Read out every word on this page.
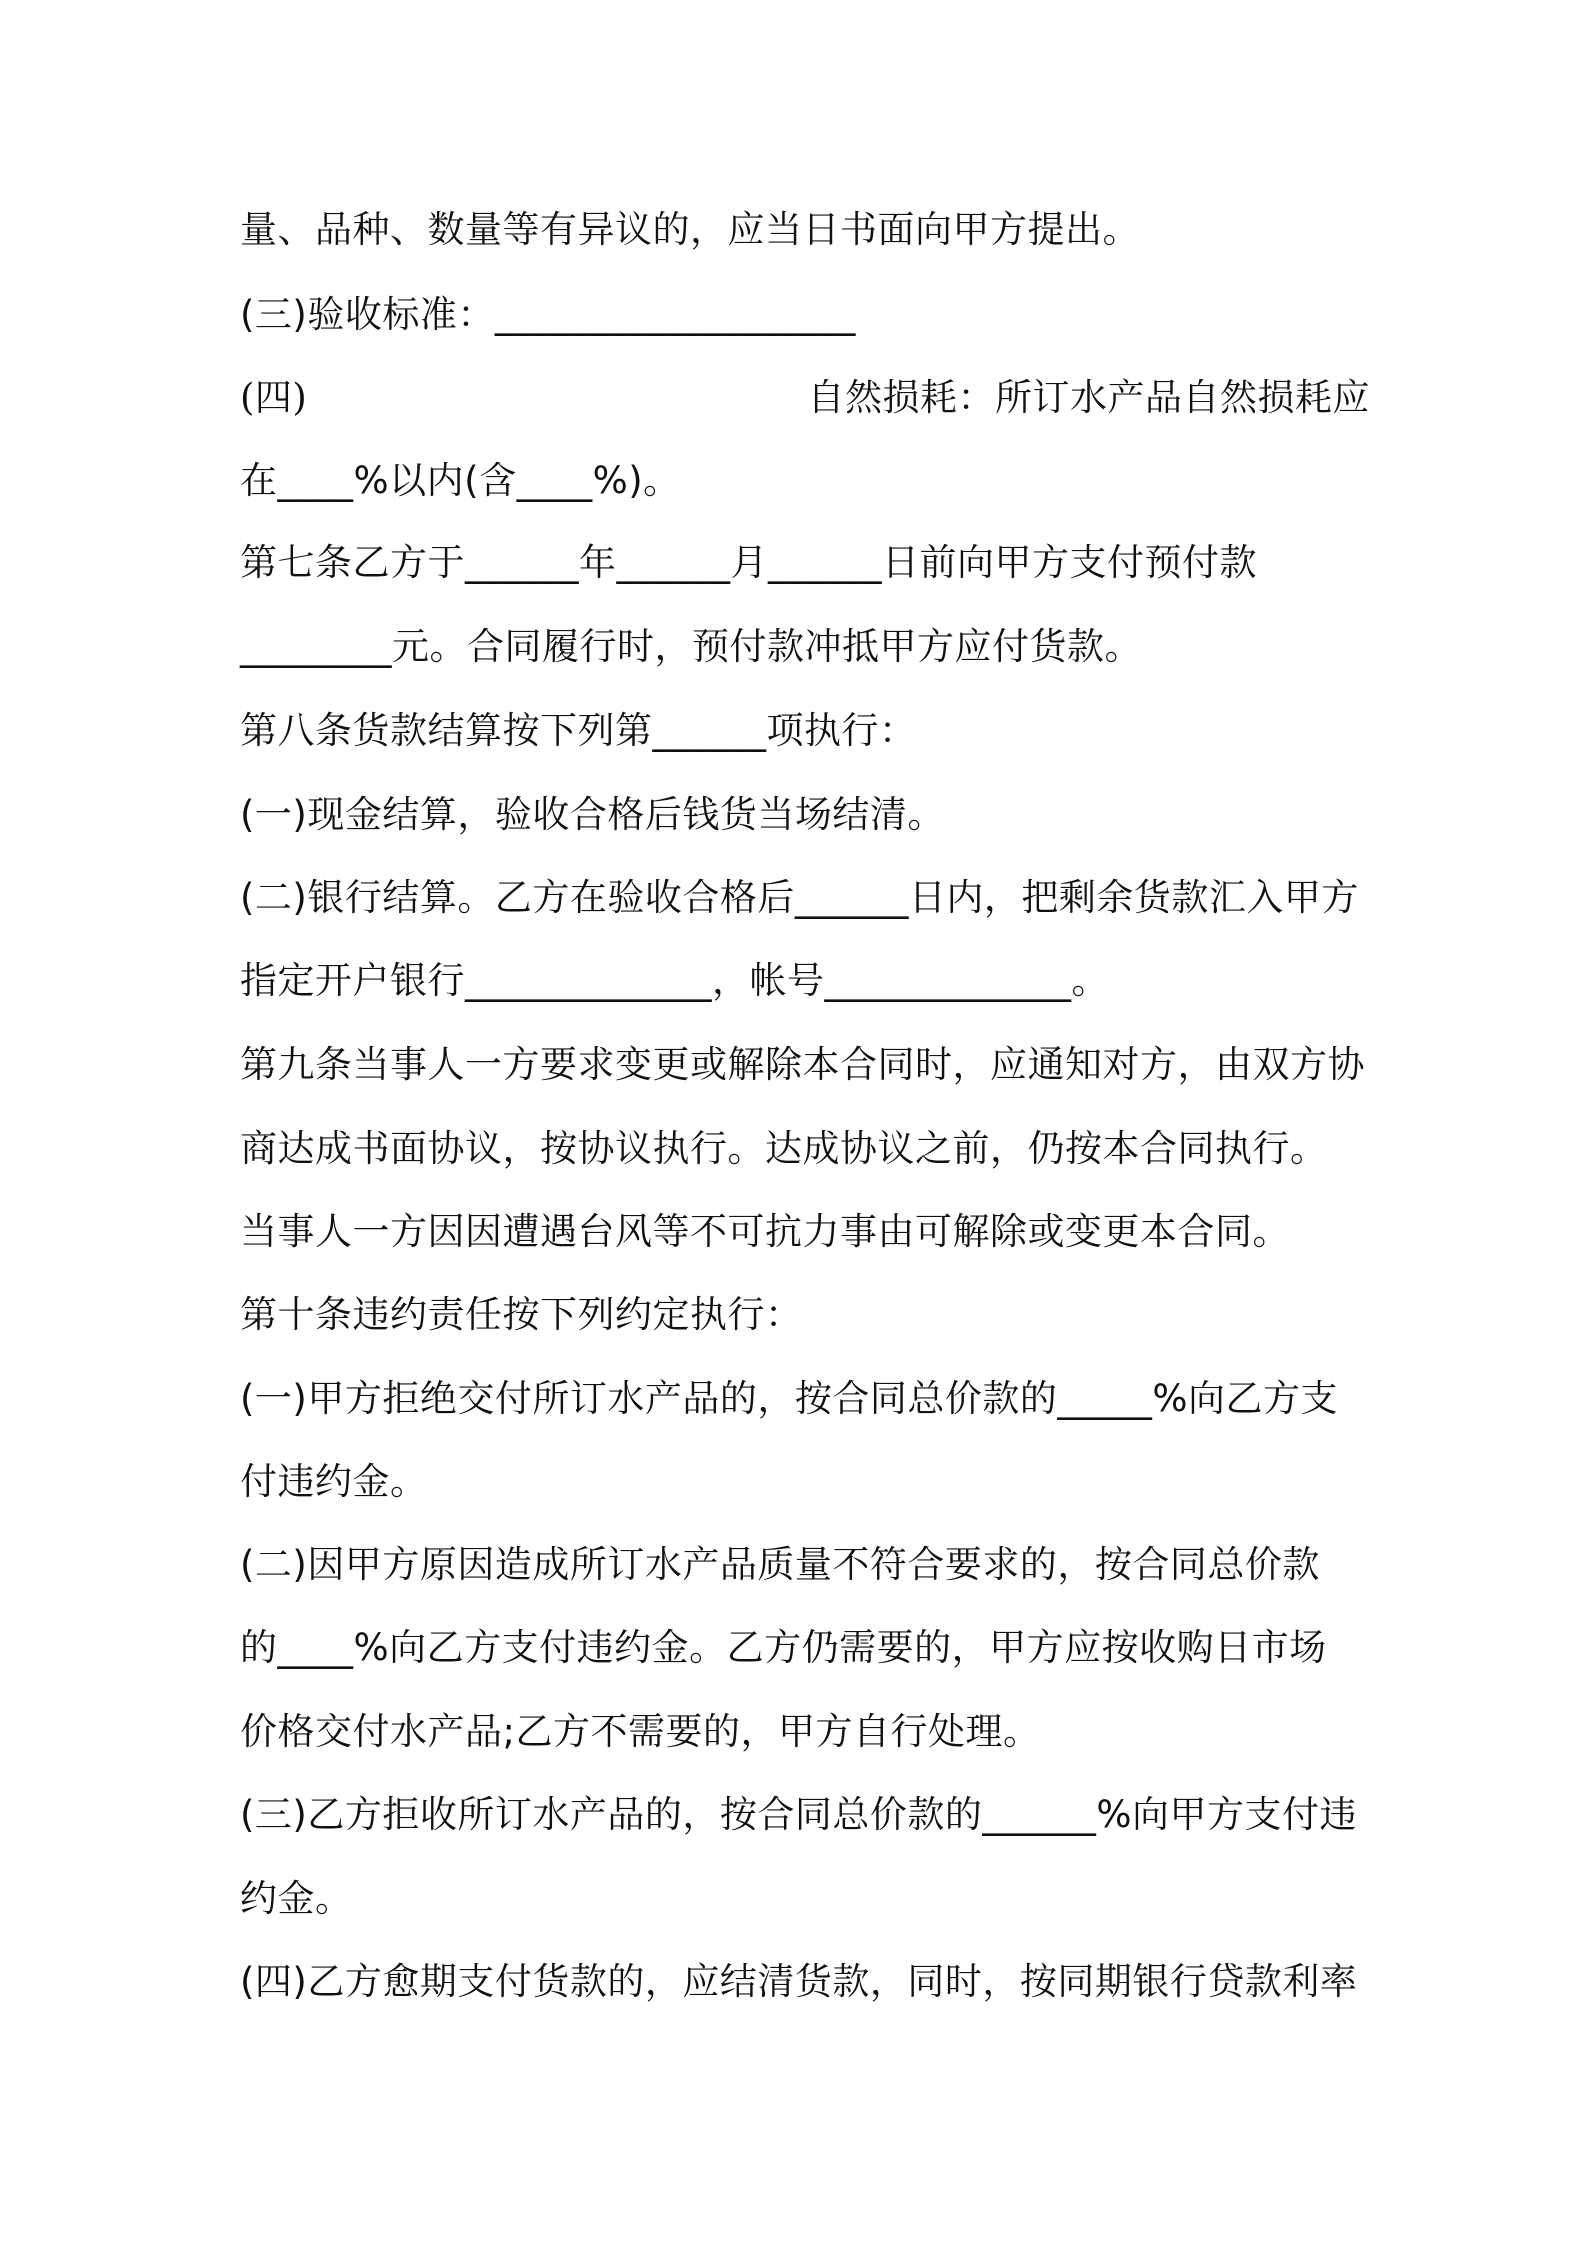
量、品种、数量等有异议的，应当日书面向甲方提出。
(三)验收标准：___________________
(四)	自然损耗：所订水产品自然损耗应
在____%以内(含____%)。
第七条乙方于______年______月______日前向甲方支付预付款
________元。合同履行时，预付款冲抵甲方应付货款。
第八条货款结算按下列第______项执行：
(一)现金结算，验收合格后钱货当场结清。
(二)银行结算。乙方在验收合格后______日内，把剩余货款汇入甲方
指定开户银行_____________，帐号_____________。
第九条当事人一方要求变更或解除本合同时，应通知对方，由双方协
商达成书面协议，按协议执行。达成协议之前，仍按本合同执行。
当事人一方因因遭遇台风等不可抗力事由可解除或变更本合同。
第十条违约责任按下列约定执行：
(一)甲方拒绝交付所订水产品的，按合同总价款的_____%向乙方支
付违约金。
(二)因甲方原因造成所订水产品质量不符合要求的，按合同总价款
的____%向乙方支付违约金。乙方仍需要的，甲方应按收购日市场
价格交付水产品;乙方不需要的，甲方自行处理。
(三)乙方拒收所订水产品的，按合同总价款的______%向甲方支付违
约金。
(四)乙方愈期支付货款的，应结清货款，同时，按同期银行贷款利率
